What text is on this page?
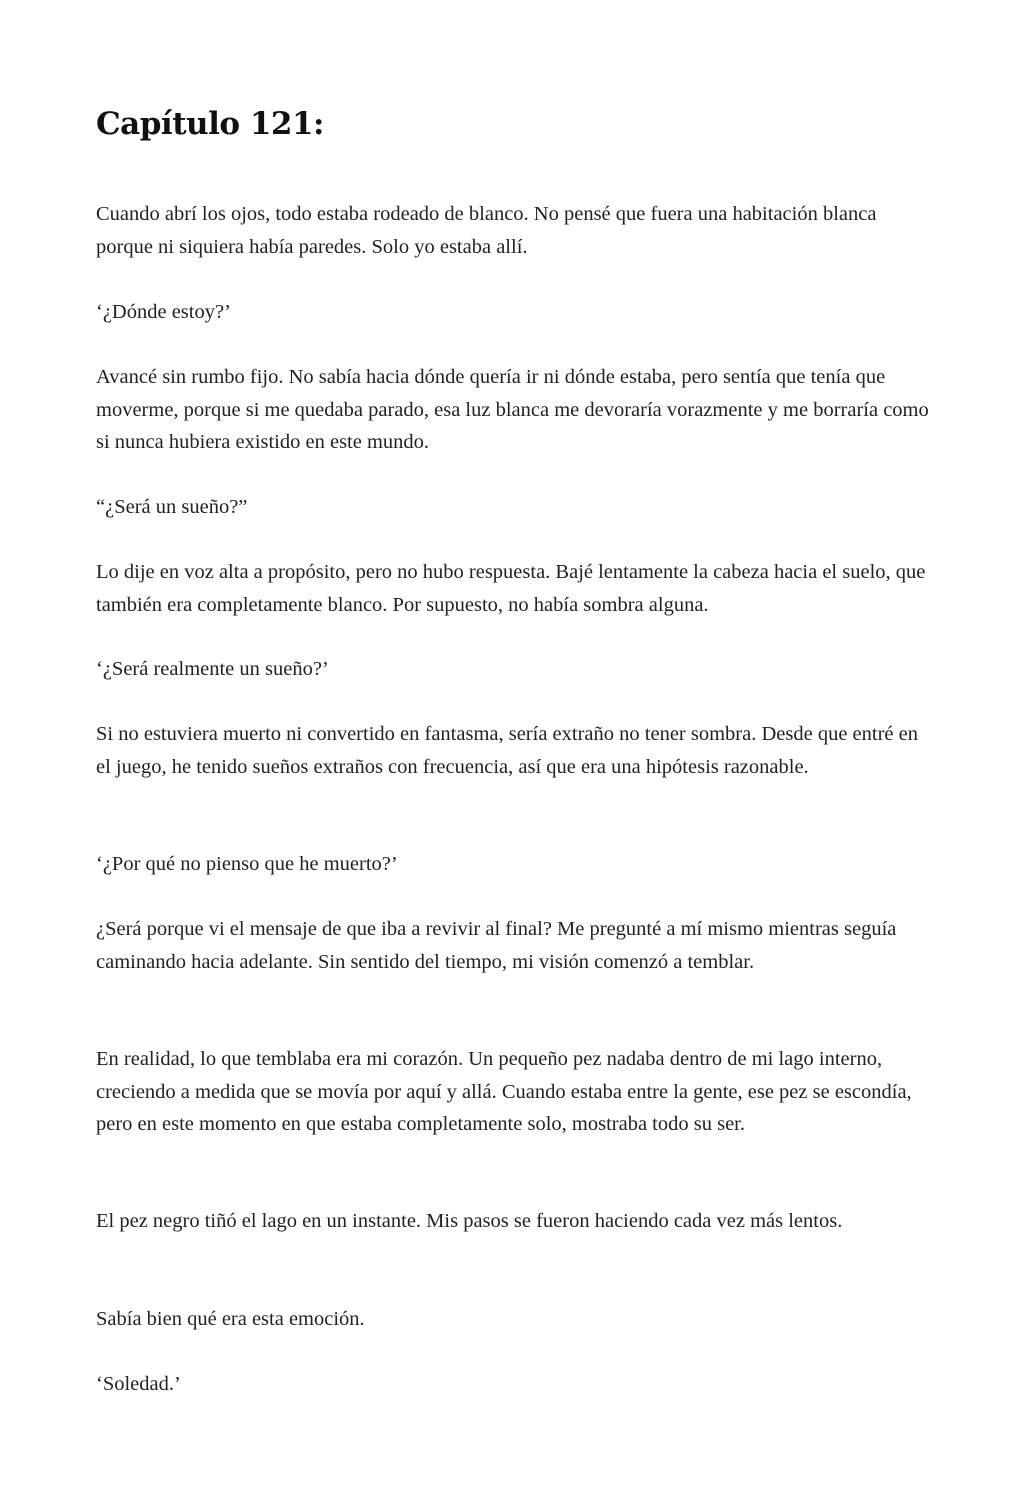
Capítulo 121:

Cuando abrí los ojos, todo estaba rodeado de blanco. No pensé que fuera una habitación blanca porque ni siquiera había paredes. Solo yo estaba allí.

‘¿Dónde estoy?’

Avancé sin rumbo fijo. No sabía hacia dónde quería ir ni dónde estaba, pero sentía que tenía que moverme, porque si me quedaba parado, esa luz blanca me devoraría vorazmente y me borraría como si nunca hubiera existido en este mundo.

“¿Será un sueño?”

Lo dije en voz alta a propósito, pero no hubo respuesta. Bajé lentamente la cabeza hacia el suelo, que también era completamente blanco. Por supuesto, no había sombra alguna.

‘¿Será realmente un sueño?’

Si no estuviera muerto ni convertido en fantasma, sería extraño no tener sombra. Desde que entré en el juego, he tenido sueños extraños con frecuencia, así que era una hipótesis razonable.

‘¿Por qué no pienso que he muerto?’

¿Será porque vi el mensaje de que iba a revivir al final? Me pregunté a mí mismo mientras seguía caminando hacia adelante. Sin sentido del tiempo, mi visión comenzó a temblar.

En realidad, lo que temblaba era mi corazón. Un pequeño pez nadaba dentro de mi lago interno, creciendo a medida que se movía por aquí y allá. Cuando estaba entre la gente, ese pez se escondía, pero en este momento en que estaba completamente solo, mostraba todo su ser.

El pez negro tiñó el lago en un instante. Mis pasos se fueron haciendo cada vez más lentos.

Sabía bien qué era esta emoción.

‘Soledad.’
